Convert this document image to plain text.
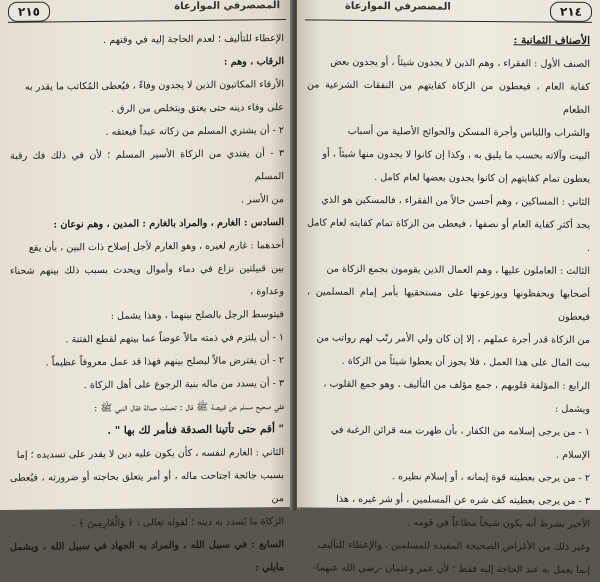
٢١٥	المصصرفي الموارعاة

الإعطاء للتأليف ؛ لعدم الحاجة إليه في وقتهم .

الرقاب ، وهم :

الأرقاء المكاتبون الذين لا يجدون وفاءً ، فيُعطى المُكاتب ما يقدر به

على وفاء دينه حتى يعتق ويتخلص من الرق .

٢ - أن يشتري المسلم من زكاته عبداً فيعتقه .

٣ - أن يفتدي من الزكاة الأسير المسلم ؛ لأن في ذلك فك رقبة المسلم

من الأسر .

السادس : الغارم ، والمراد بالغارم : المدين ، وهم نوعان :

أحدهما : غارم لغيره ، وهو الغارم لأجل إصلاح ذات البين ، بأن يقع

بين قبيلتين نزاع في دماء وأموال ويحدث بسبب ذلك بينهم شحناء وعداوة ،

فيتوسط الرجل بالصلح بينهما ، وهذا يشمل :

١ - أن يلتزم في ذمته مالاً عوضاً عما بينهم لقطع الفتنة .

٢ - أن يقترض مالاً ليصلح بينهم فهذا قد عمل معروفاً عظيماً .

٣ - أن يسدد من ماله بنية الرجوع على أهل الزكاة .

ففي صحيح مسلم عن قبيصة ﷺ قال : تحملت حمالة فقال النبي ﷺ :

" أقم حتى تأتينا الصدقة فنأمر لك بها " .

الثاني : الغارم لنفسه ، كأن يكون عليه دين لا يقدر على تسديده ؛ إما

بسبب جائحة اجتاحت ماله ، أو أمر يتعلق بحاجته أو ضرورته ، فيُعطى من

الزكاة ما يُسدد به دينه ؛ لقوله تعالى : ﴿ وَالْغَارِمِينَ ﴾ .

السابع : في سبيل الله ، والمراد به الجهاد في سبيل الله ، ويشمل مايلي :

٢١٤
المصصرفي الموارعاة

الأصناف الثمانية :

الصنف الأول : الفقراء ، وهم الذين لا يجدون شيئاً ، أو يجدون بعض

كفاية العام ، فيعطون من الزكاة كفايتهم من النفقات الشرعية من الطعام

والشراب واللباس وأجرة المسكن والحوائج الأصلية من أسباب

البيت وآلاته بحسب ما يليق به ، وكذا إن كانوا لا يجدون منها شيئاً ، أو

يعطون تمام كفايتهم إن كانوا يجدون بعضها لعام كامل .

الثاني : المساكين ، وهم أحسن حالاً من الفقراء ، فالمسكين هو الذي

يجد أكثر كفاية العام أو نصفها ، فيعطى من الزكاة تمام كفايته لعام كامل .

الثالث : العاملون عليها ، وهم العمال الذين يقومون بجمع الزكاة من

أصحابها ويحفظونها ويوزعونها على مستحقيها بأمر إمام المسلمين ، فيعطون

من الزكاة قدر أجرة عملهم ، إلا إن كان ولي الأمر رتّب لهم رواتب من

بيت المال على هذا العمل ، فلا يجوز أن يعطوا شيئاً من الزكاة .

الرابع : المؤلفة قلوبهم ، جمع مؤلف من التأليف ، وهو جمع القلوب ،

ويشمل :

١ - من يرجى إسلامه من الكفار ، بأن ظهرت منه قرائن الرغبة في

الإسلام .

٢ - من يرجى بعطيته قوة إيمانه ، أو إسلام نظيره .

٣ - من يرجى بعطيته كف شره عن المسلمين ، أو شر غيره ، هذا

الأخير بشرط أنه يكون شيخاً مطاعاً في قومه .

وغير ذلك من الأغراض الصحيحة المفيدة للمسلمين ، والإعطاء للتأليف

إنما يعمل به عند الحاجة إليه فقط ؛ لأن عمر وعثمان -رضي الله عنهما-
